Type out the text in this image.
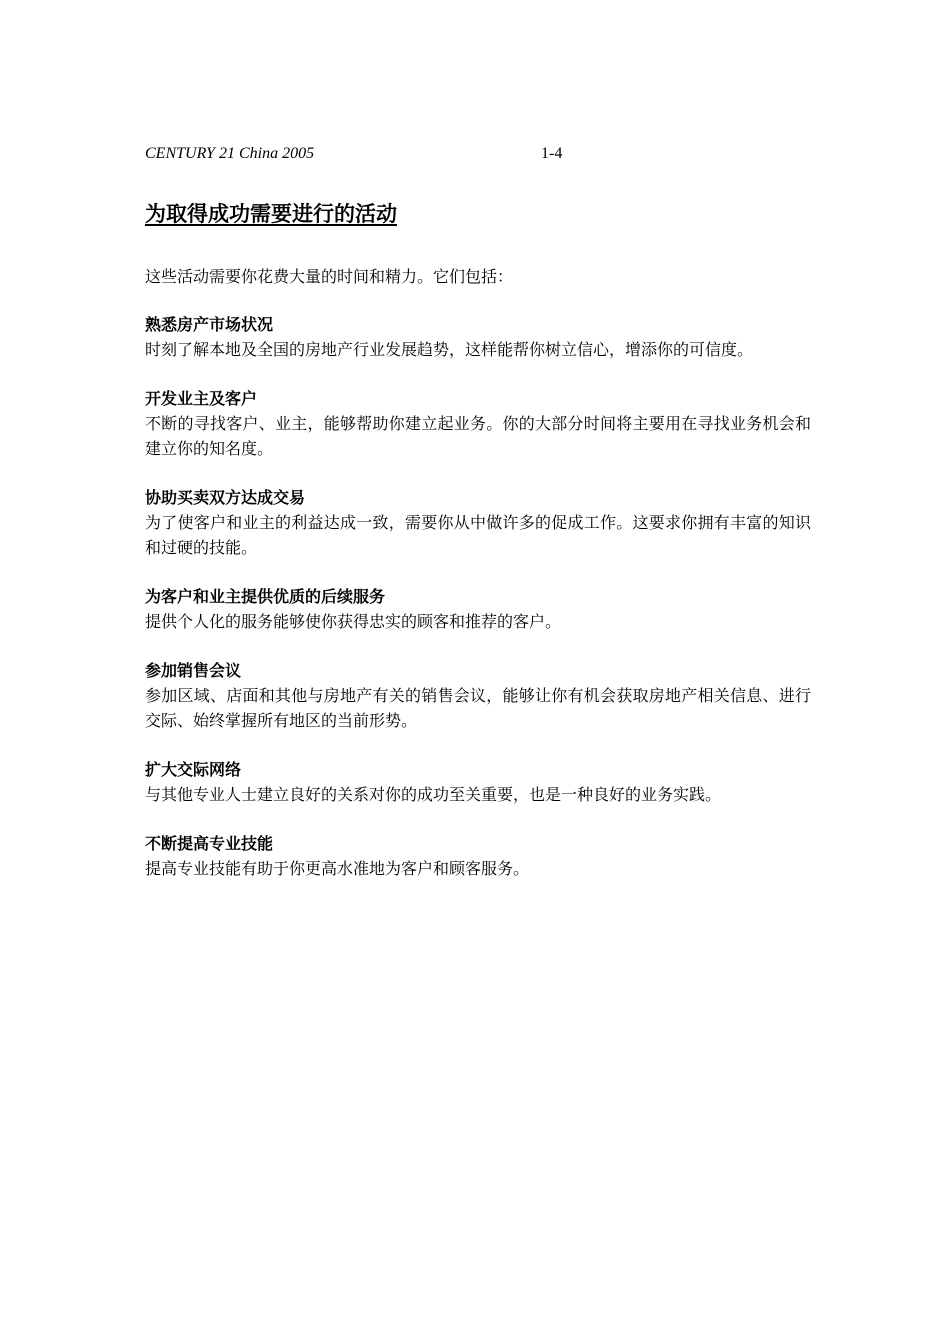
CENTURY 21 China 2005	1-4
为取得成功需要进行的活动

这些活动需要你花费大量的时间和精力。它们包括：

熟悉房产市场状况

时刻了解本地及全国的房地产行业发展趋势，这样能帮你树立信心，增添你的可信度。

开发业主及客户

不断的寻找客户、业主，能够帮助你建立起业务。你的大部分时间将主要用在寻找业务机会和建立你的知名度。

协助买卖双方达成交易

为了使客户和业主的利益达成一致，需要你从中做许多的促成工作。这要求你拥有丰富的知识和过硬的技能。

为客户和业主提供优质的后续服务

提供个人化的服务能够使你获得忠实的顾客和推荐的客户。

参加销售会议

参加区域、店面和其他与房地产有关的销售会议，能够让你有机会获取房地产相关信息、进行交际、始终掌握所有地区的当前形势。

扩大交际网络

与其他专业人士建立良好的关系对你的成功至关重要，也是一种良好的业务实践。

不断提高专业技能

提高专业技能有助于你更高水准地为客户和顾客服务。
